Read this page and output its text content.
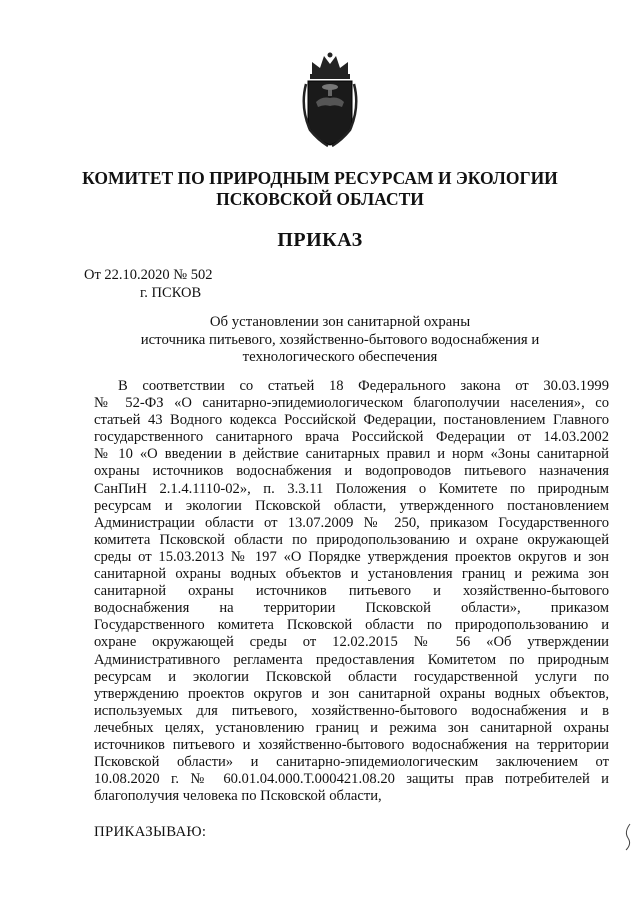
КОМИТЕТ ПО ПРИРОДНЫМ РЕСУРСАМ И ЭКОЛОГИИ
ПСКОВСКОЙ ОБЛАСТИ
ПРИКАЗ
От 22.10.2020 № 502
г. ПСКОВ
Об установлении зон санитарной охраны
источника питьевого, хозяйственно-бытового водоснабжения и
технологического обеспечения
В соответствии со статьей 18 Федерального закона от 30.03.1999
№ 52-ФЗ «О санитарно-эпидемиологическом благополучии населения», со
статьей 43 Водного кодекса Российской Федерации, постановлением Главного
государственного санитарного врача Российской Федерации от 14.03.2002
№ 10 «О введении в действие санитарных правил и норм «Зоны санитарной
охраны источников водоснабжения и водопроводов питьевого назначения
СанПиН 2.1.4.1110-02», п. 3.3.11 Положения о Комитете по природным
ресурсам и экологии Псковской области, утвержденного постановлением
Администрации области от 13.07.2009 № 250, приказом Государственного
комитета Псковской области по природопользованию и охране окружающей
среды от 15.03.2013 № 197 «О Порядке утверждения проектов округов и зон
санитарной охраны водных объектов и установления границ и режима зон
санитарной охраны источников питьевого и хозяйственно-бытового
водоснабжения на территории Псковской области», приказом
Государственного комитета Псковской области по природопользованию и
охране окружающей среды от 12.02.2015 № 56 «Об утверждении
Административного регламента предоставления Комитетом по природным
ресурсам и экологии Псковской области государственной услуги по
утверждению проектов округов и зон санитарной охраны водных объектов,
используемых для питьевого, хозяйственно-бытового водоснабжения и в
лечебных целях, установлению границ и режима зон санитарной охраны
источников питьевого и хозяйственно-бытового водоснабжения на территории
Псковской области» и санитарно-эпидемиологическим заключением от
10.08.2020 г. № 60.01.04.000.Т.000421.08.20 защиты прав потребителей и
благополучия человека по Псковской области,
ПРИКАЗЫВАЮ:
